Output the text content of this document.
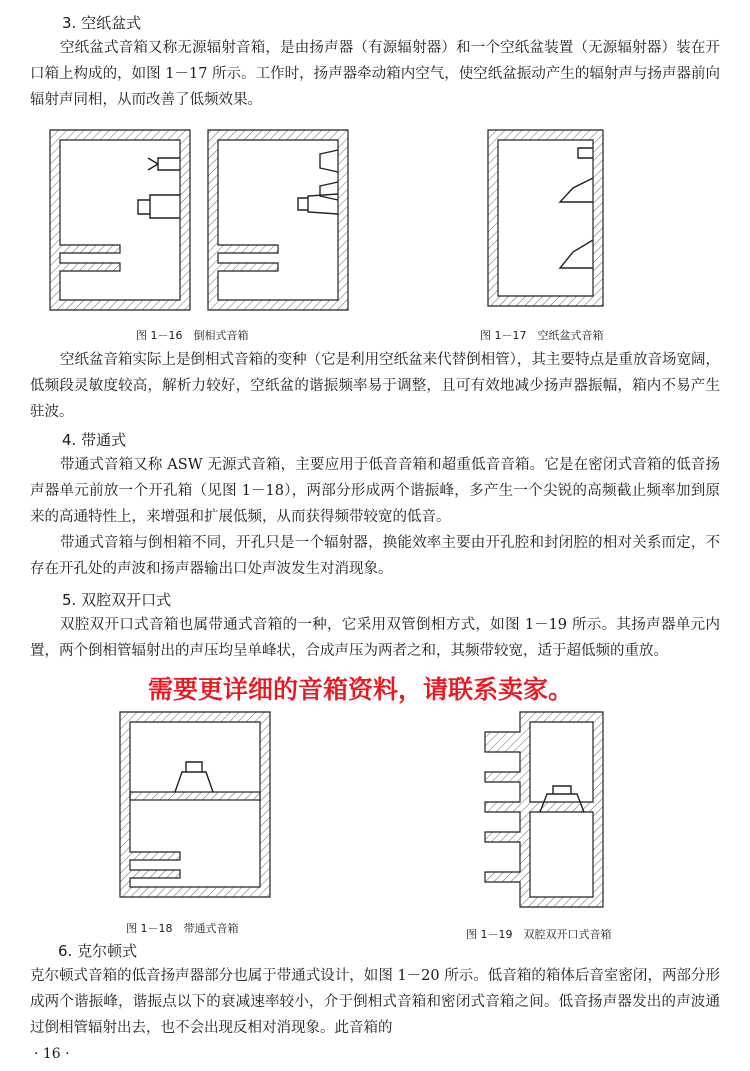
3. 空纸盆式

空纸盆式音箱又称无源辐射音箱，是由扬声器（有源辐射器）和一个空纸盆装置（无源辐射器）装在开口箱上构成的，如图 1－17 所示。工作时，扬声器牵动箱内空气，使空纸盆振动产生的辐射声与扬声器前向辐射声同相，从而改善了低频效果。

图 1－16　倒相式音箱	图 1－17　空纸盆式音箱

空纸盆音箱实际上是倒相式音箱的变种（它是利用空纸盆来代替倒相管），其主要特点是重放音场宽阔，低频段灵敏度较高，解析力较好，空纸盆的谐振频率易于调整，且可有效地减少扬声器振幅，箱内不易产生驻波。

4. 带通式

带通式音箱又称 ASW 无源式音箱，主要应用于低音音箱和超重低音音箱。它是在密闭式音箱的低音扬声器单元前放一个开孔箱（见图 1－18），两部分形成两个谐振峰，多产生一个尖锐的高频截止频率加到原来的高通特性上，来增强和扩展低频，从而获得频带较宽的低音。

带通式音箱与倒相箱不同，开孔只是一个辐射器，换能效率主要由开孔腔和封闭腔的相对关系而定，不存在开孔处的声波和扬声器输出口处声波发生对消现象。

5. 双腔双开口式

双腔双开口式音箱也属带通式音箱的一种，它采用双管倒相方式，如图 1－19 所示。其扬声器单元内置，两个倒相管辐射出的声压均呈单峰状，合成声压为两者之和，其频带较宽，适于超低频的重放。

需要更详细的音箱资料，请联系卖家。
图 1－18　带通式音箱	图 1－19　双腔双开口式音箱
6. 克尔顿式

克尔顿式音箱的低音扬声器部分也属于带通式设计，如图 1－20 所示。低音箱的箱体后音室密闭，两部分形成两个谐振峰，谐振点以下的衰减速率较小，介于倒相式音箱和密闭式音箱之间。低音扬声器发出的声波通过倒相管辐射出去，也不会出现反相对消现象。此音箱的

· 16 ·
